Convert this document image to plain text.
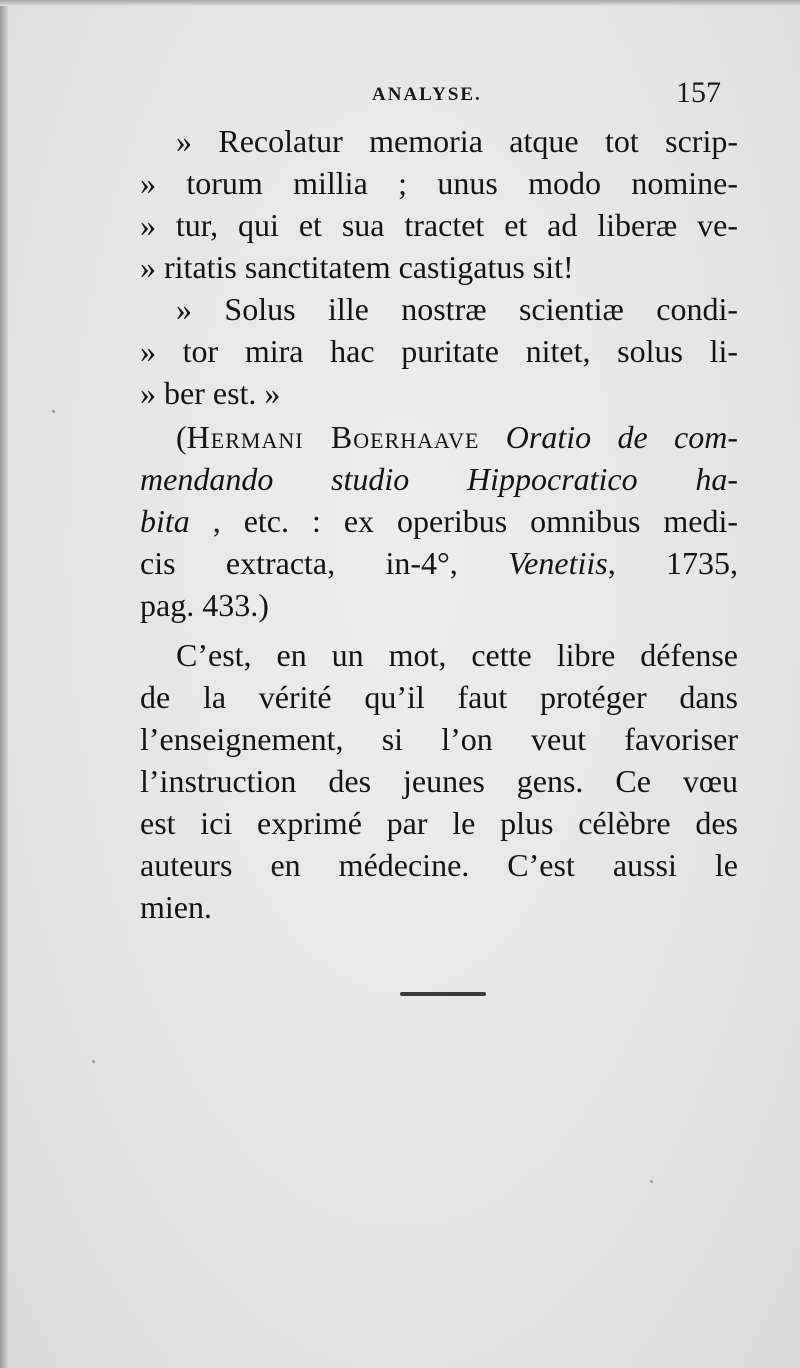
ANALYSE.	157
» Recolatur memoria atque tot scrip-
» torum millia ; unus modo nomine-
» tur, qui et sua tractet et ad liberæ ve-
» ritatis sanctitatem castigatus sit!
» Solus ille nostræ scientiæ condi-
» tor mira hac puritate nitet, solus li-
» ber est. »
(Hermani Boerhaave Oratio de com-
mendando studio Hippocratico ha-
bita , etc. : ex operibus omnibus medi-
cis extracta, in-4°, Venetiis, 1735,
pag. 433.)
C’est, en un mot, cette libre défense
de la vérité qu’il faut protéger dans
l’enseignement, si l’on veut favoriser
l’instruction des jeunes gens. Ce vœu
est ici exprimé par le plus célèbre des
auteurs en médecine. C’est aussi le
mien.
